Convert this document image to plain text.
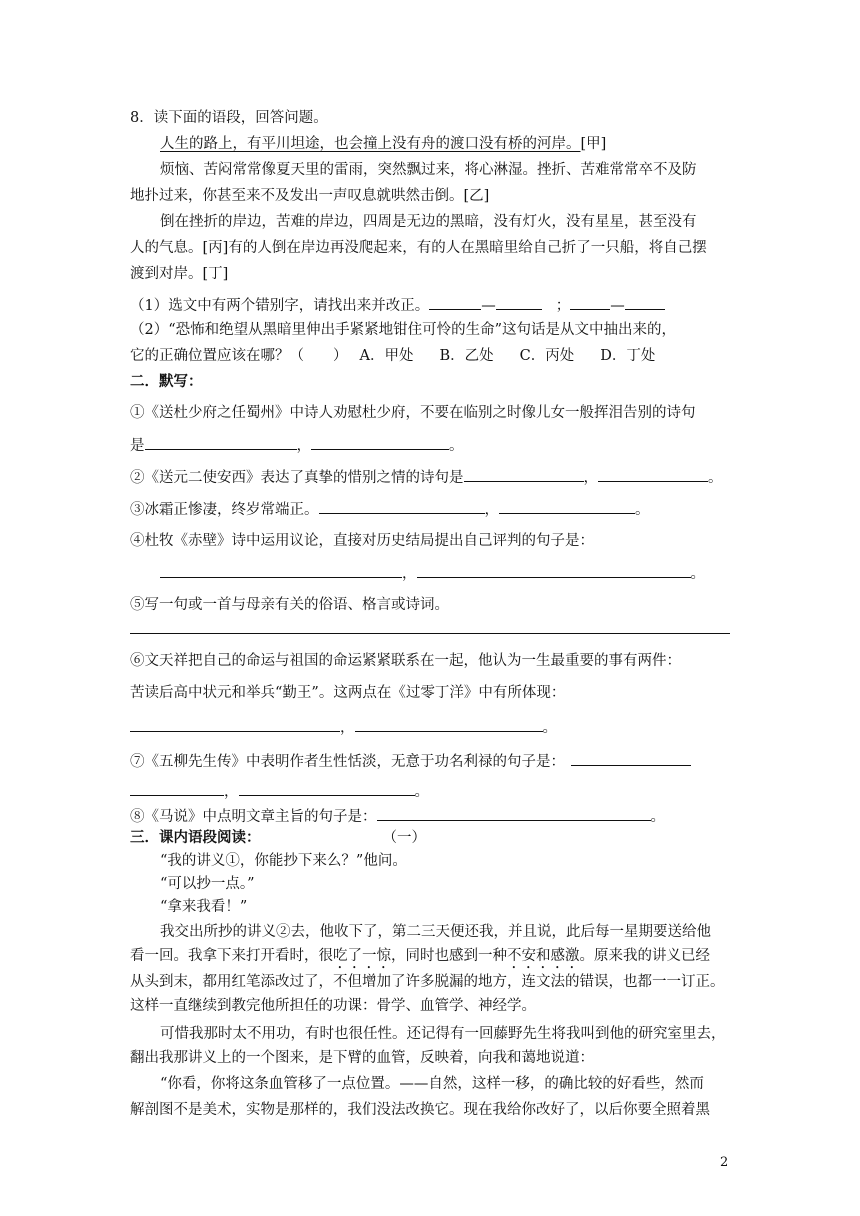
8．读下面的语段，回答问题。
人生的路上，有平川坦途，也会撞上没有舟的渡口没有桥的河岸。[甲]
烦恼、苦闷常常像夏天里的雷雨，突然飘过来，将心淋湿。挫折、苦难常常卒不及防
地扑过来，你甚至来不及发出一声叹息就哄然击倒。[乙]
倒在挫折的岸边，苦难的岸边，四周是无边的黑暗，没有灯火，没有星星，甚至没有
人的气息。[丙]有的人倒在岸边再没爬起来，有的人在黑暗里给自己折了一只船，将自己摆
渡到对岸。[丁]
（1）选文中有两个错别字，请找出来并改正。	—	；	—
（2）“恐怖和绝望从黑暗里伸出手紧紧地钳住可怜的生命”这句话是从文中抽出来的，
它的正确位置应该在哪？（　　） A．甲处 B．乙处 C．丙处 D．丁处
二．默写：
①《送杜少府之任蜀州》中诗人劝慰杜少府，不要在临别之时像儿女一般挥泪告别的诗句
是	，	。
②《送元二使安西》表达了真挚的惜别之情的诗句是	，	。
③冰霜正惨凄，终岁常端正。	，	。
④杜牧《赤壁》诗中运用议论，直接对历史结局提出自己评判的句子是：
，	。
⑤写一句或一首与母亲有关的俗语、格言或诗词。
⑥文天祥把自己的命运与祖国的命运紧紧联系在一起，他认为一生最重要的事有两件：
苦读后高中状元和举兵“勤王”。这两点在《过零丁洋》中有所体现：
，	。
⑦《五柳先生传》中表明作者生性恬淡，无意于功名利禄的句子是：
，	。
⑧《马说》中点明文章主旨的句子是：	。
三．课内语段阅读：	（一）
“我的讲义①，你能抄下来么？”他问。
“可以抄一点。”
“拿来我看！”
我交出所抄的讲义②去，他收下了，第二三天便还我，并且说，此后每一星期要送给他
看一回。我拿下来打开看时，很吃了一惊，同时也感到一种不安和感激。原来我的讲义已经
从头到末，都用红笔添改过了，不但增加了许多脱漏的地方，连文法的错误，也都一一订正。
这样一直继续到教完他所担任的功课：骨学、血管学、神经学。
可惜我那时太不用功，有时也很任性。还记得有一回藤野先生将我叫到他的研究室里去，
翻出我那讲义上的一个图来，是下臂的血管，反映着，向我和蔼地说道：
“你看，你将这条血管移了一点位置。——自然，这样一移，的确比较的好看些，然而
解剖图不是美术，实物是那样的，我们没法改换它。现在我给你改好了，以后你要全照着黑
2
